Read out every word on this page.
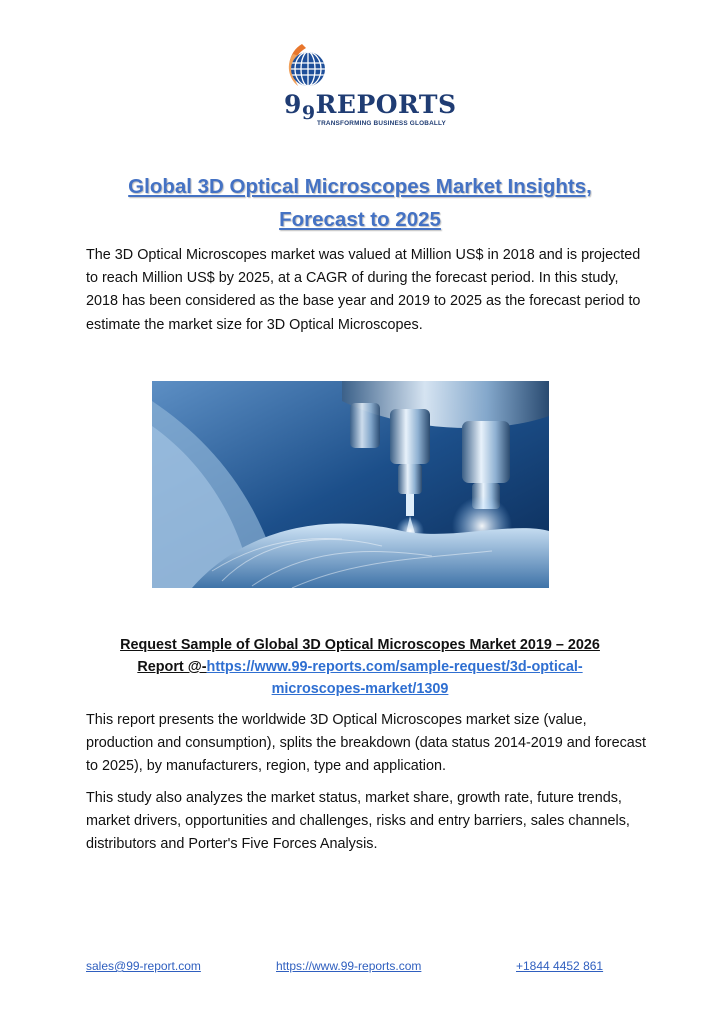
$9_9REPORTS$
TRANSFORMING BUSINESS GLOBALLY
Global 3D Optical Microscopes Market Insights,
Forecast to 2025
The 3D Optical Microscopes market was valued at Million US$ in 2018 and is projected to reach Million US$ by 2025, at a CAGR of during the forecast period. In this study, 2018 has been considered as the base year and 2019 to 2025 as the forecast period to estimate the market size for 3D Optical Microscopes.
Request Sample of Global 3D Optical Microscopes Market 2019 – 2026
Report @-https://www.99-reports.com/sample-request/3d-optical-
microscopes-market/1309
This report presents the worldwide 3D Optical Microscopes market size (value, production and consumption), splits the breakdown (data status 2014-2019 and forecast to 2025), by manufacturers, region, type and application.
This study also analyzes the market status, market share, growth rate, future trends, market drivers, opportunities and challenges, risks and entry barriers, sales channels, distributors and Porter's Five Forces Analysis.
sales@99-report.com	https://www.99-reports.com	+1844 4452 861
